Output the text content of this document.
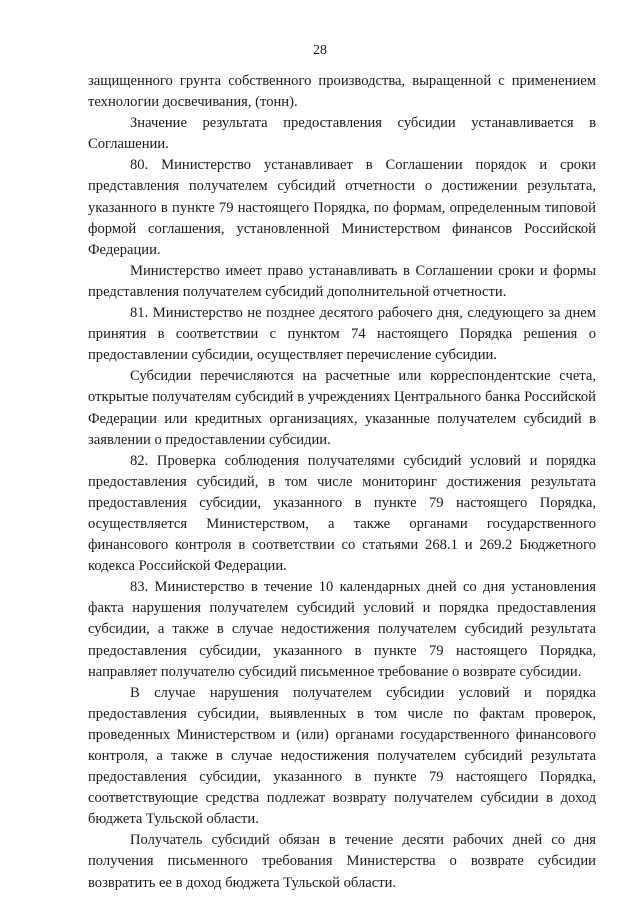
28

защищенного грунта собственного производства, выращенной с применением технологии досвечивания, (тонн).

Значение результата предоставления субсидии устанавливается в Соглашении.

80. Министерство устанавливает в Соглашении порядок и сроки представления получателем субсидий отчетности о достижении результата, указанного в пункте 79 настоящего Порядка, по формам, определенным типовой формой соглашения, установленной Министерством финансов Российской Федерации.

Министерство имеет право устанавливать в Соглашении сроки и формы представления получателем субсидий дополнительной отчетности.

81. Министерство не позднее десятого рабочего дня, следующего за днем принятия в соответствии с пунктом 74 настоящего Порядка решения о предоставлении субсидии, осуществляет перечисление субсидии.

Субсидии перечисляются на расчетные или корреспондентские счета, открытые получателям субсидий в учреждениях Центрального банка Российской Федерации или кредитных организациях, указанные получателем субсидий в заявлении о предоставлении субсидии.

82. Проверка соблюдения получателями субсидий условий и порядка предоставления субсидий, в том числе мониторинг достижения результата предоставления субсидии, указанного в пункте 79 настоящего Порядка, осуществляется Министерством, а также органами государственного финансового контроля в соответствии со статьями 268.1 и 269.2 Бюджетного кодекса Российской Федерации.

83. Министерство в течение 10 календарных дней со дня установления факта нарушения получателем субсидий условий и порядка предоставления субсидии, а также в случае недостижения получателем субсидий результата предоставления субсидии, указанного в пункте 79 настоящего Порядка, направляет получателю субсидий письменное требование о возврате субсидии.

В случае нарушения получателем субсидии условий и порядка предоставления субсидии, выявленных в том числе по фактам проверок, проведенных Министерством и (или) органами государственного финансового контроля, а также в случае недостижения получателем субсидий результата предоставления субсидии, указанного в пункте 79 настоящего Порядка, соответствующие средства подлежат возврату получателем субсидии в доход бюджета Тульской области.

Получатель субсидий обязан в течение десяти рабочих дней со дня получения письменного требования Министерства о возврате субсидии возвратить ее в доход бюджета Тульской области.
